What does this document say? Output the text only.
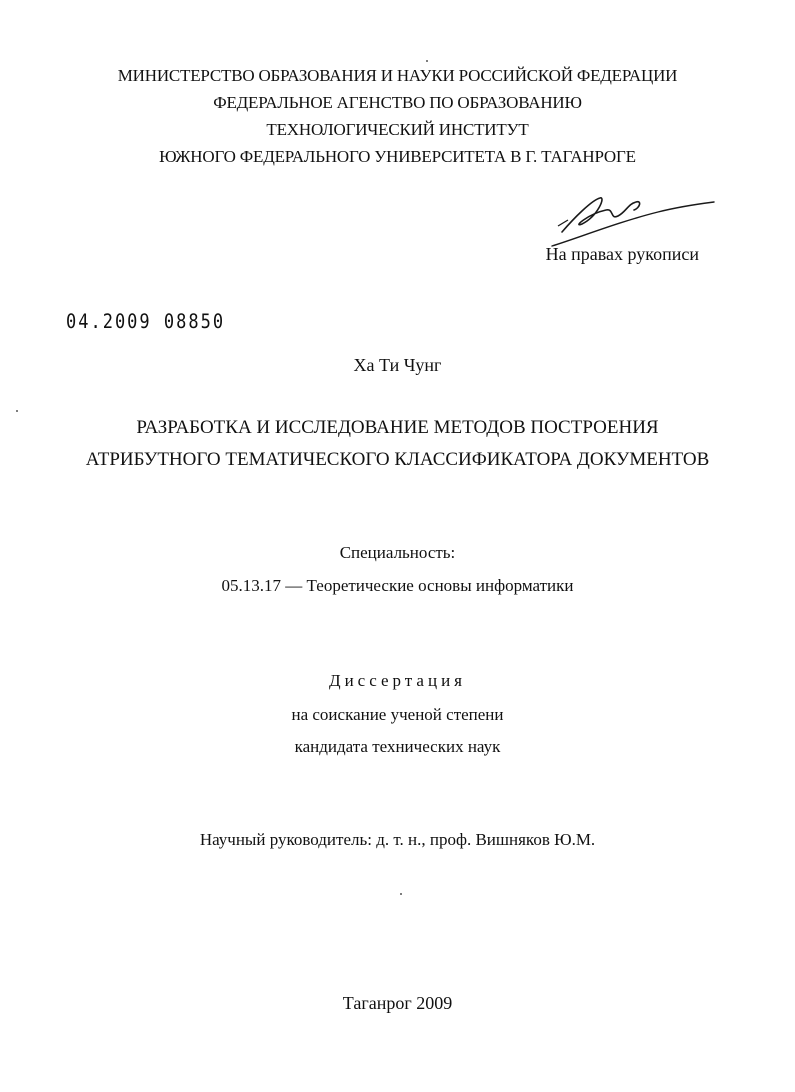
МИНИСТЕРСТВО ОБРАЗОВАНИЯ И НАУКИ РОССИЙСКОЙ ФЕДЕРАЦИИ
ФЕДЕРАЛЬНОЕ АГЕНСТВО ПО ОБРАЗОВАНИЮ
ТЕХНОЛОГИЧЕСКИЙ ИНСТИТУТ
ЮЖНОГО ФЕДЕРАЛЬНОГО УНИВЕРСИТЕТА В Г. ТАГАНРОГЕ
На правах рукописи
04.2009 08850
Ха Ти Чунг
РАЗРАБОТКА И ИССЛЕДОВАНИЕ МЕТОДОВ ПОСТРОЕНИЯ
АТРИБУТНОГО ТЕМАТИЧЕСКОГО КЛАССИФИКАТОРА ДОКУМЕНТОВ
Специальность:
05.13.17 — Теоретические основы информатики
Диссертация
на соискание ученой степени
кандидата технических наук
Научный руководитель: д. т. н., проф. Вишняков Ю.М.
Таганрог 2009
